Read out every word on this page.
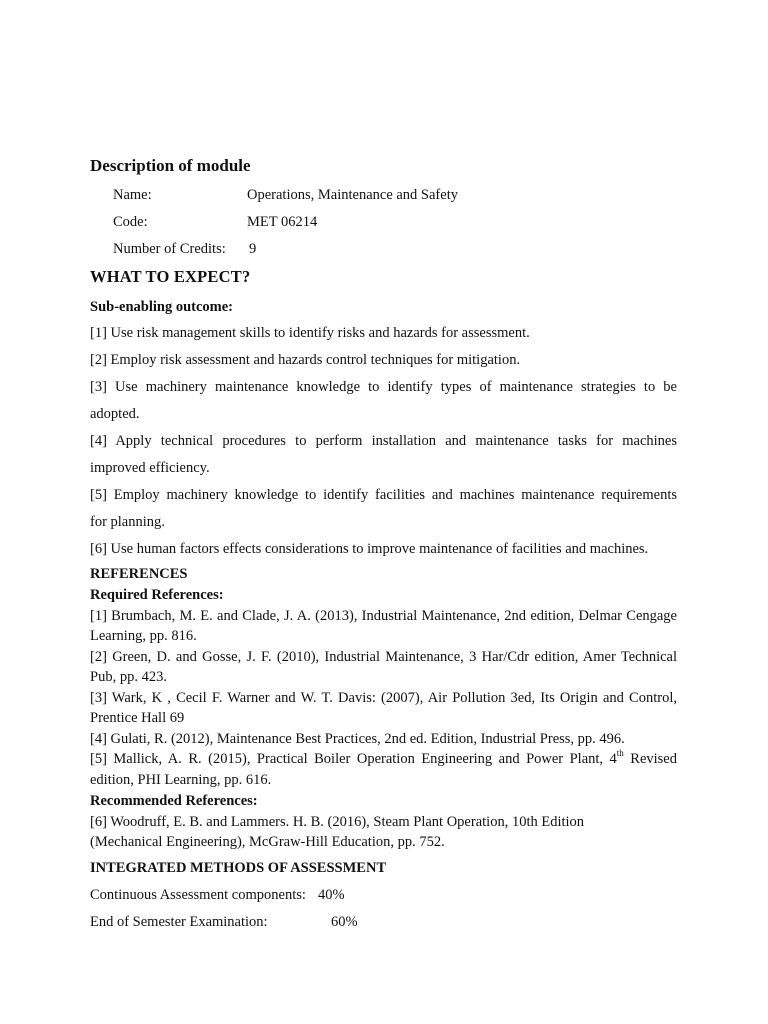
Description of module
Name:	Operations, Maintenance and Safety
Code:	MET 06214
Number of Credits: 9
WHAT TO EXPECT?
Sub-enabling outcome:
[1] Use risk management skills to identify risks and hazards for assessment.
[2] Employ risk assessment and hazards control techniques for mitigation.
[3] Use machinery maintenance knowledge to identify types of maintenance strategies to be
adopted.
[4] Apply technical procedures to perform installation and maintenance tasks for machines
improved efficiency.
[5] Employ machinery knowledge to identify facilities and machines maintenance requirements
for planning.
[6] Use human factors effects considerations to improve maintenance of facilities and machines.
REFERENCES
Required References:
[1] Brumbach, M. E. and Clade, J. A. (2013), Industrial Maintenance, 2nd edition, Delmar Cengage
Learning, pp. 816.
[2] Green, D. and Gosse, J. F. (2010), Industrial Maintenance, 3 Har/Cdr edition, Amer Technical
Pub, pp. 423.
[3] Wark, K , Cecil F. Warner and W. T. Davis: (2007), Air Pollution 3ed, Its Origin and Control,
Prentice Hall 69
[4] Gulati, R. (2012), Maintenance Best Practices, 2nd ed. Edition, Industrial Press, pp. 496.
[5] Mallick, A. R. (2015), Practical Boiler Operation Engineering and Power Plant, 4th Revised
edition, PHI Learning, pp. 616.
Recommended References:
[6] Woodruff, E. B. and Lammers. H. B. (2016), Steam Plant Operation, 10th Edition
(Mechanical Engineering), McGraw-Hill Education, pp. 752.
INTEGRATED METHODS OF ASSESSMENT
Continuous Assessment components: 40%
End of Semester Examination:	60%
